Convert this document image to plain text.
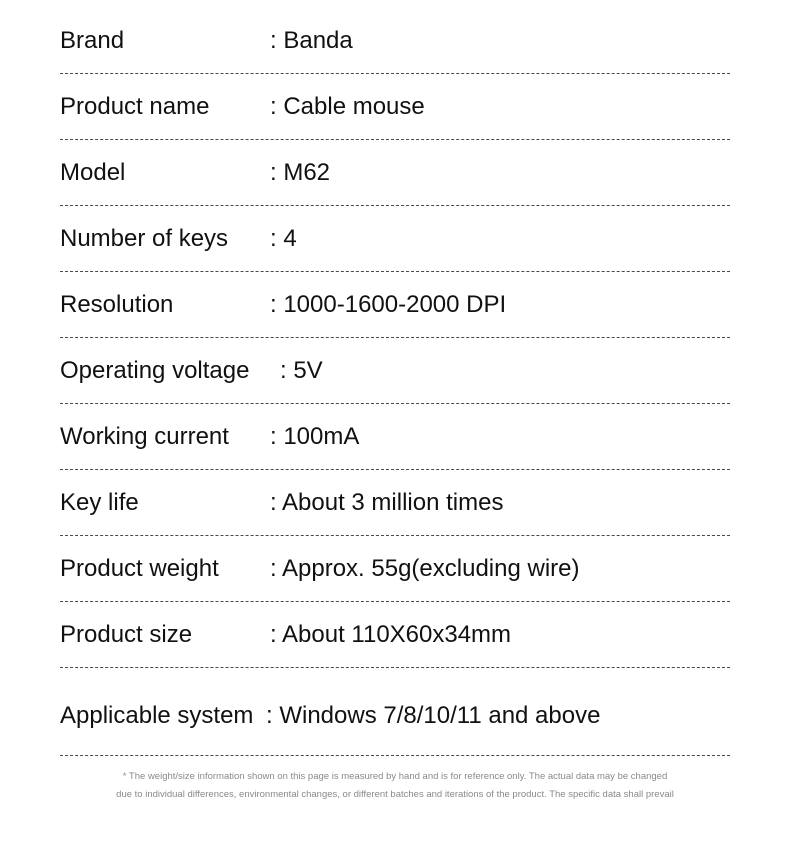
Brand	: Banda
Product name	: Cable mouse
Model	: M62
Number of keys : 4
Resolution	: 1000-1600-2000 DPI
Operating voltage : 5V
Working current : 100mA
Key life	: About 3 million times
Product weight : Approx. 55g(excluding wire)
Product size	: About 110X60x34mm
Applicable system : Windows 7/8/10/11 and above
* The weight/size information shown on this page is measured by hand and is for reference only. The actual data may be changed
due to individual differences, environmental changes, or different batches and iterations of the product. The specific data shall prevail
